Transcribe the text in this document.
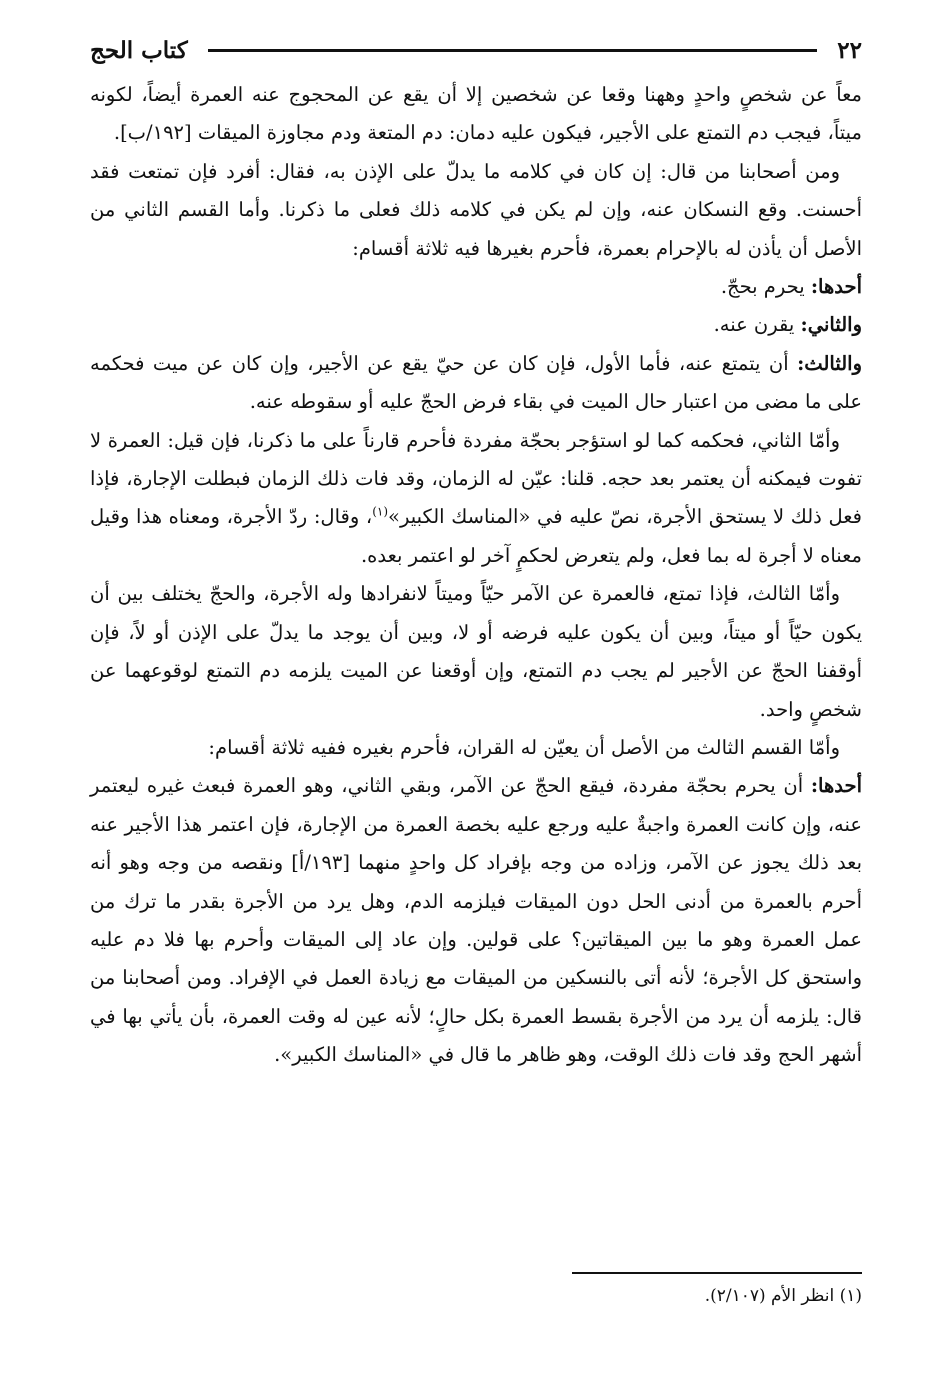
٢٢
كتاب الحج

معاً عن شخصٍ واحدٍ وههنا وقعا عن شخصين إلا أن يقع عن المحجوج عنه العمرة أيضاً، لكونه ميتاً، فيجب دم التمتع على الأجير، فيكون عليه دمان: دم المتعة ودم مجاوزة الميقات [١٩٢/ب].

ومن أصحابنا من قال: إن كان في كلامه ما يدلّ على الإذن به، فقال: أفرد فإن تمتعت فقد أحسنت. وقع النسكان عنه، وإن لم يكن في كلامه ذلك فعلى ما ذكرنا. وأما القسم الثاني من الأصل أن يأذن له بالإحرام بعمرة، فأحرم بغيرها فيه ثلاثة أقسام:

أحدها: يحرم بحجّ.

والثاني: يقرن عنه.

والثالث: أن يتمتع عنه، فأما الأول، فإن كان عن حيّ يقع عن الأجير، وإن كان عن ميت فحكمه على ما مضى من اعتبار حال الميت في بقاء فرض الحجّ عليه أو سقوطه عنه.

وأمّا الثاني، فحكمه كما لو استؤجر بحجّة مفردة فأحرم قارناً على ما ذكرنا، فإن قيل: العمرة لا تفوت فيمكنه أن يعتمر بعد حجه. قلنا: عيّن له الزمان، وقد فات ذلك الزمان فبطلت الإجارة، فإذا فعل ذلك لا يستحق الأجرة، نصّ عليه في «المناسك الكبير»$^{(١)}$، وقال: ردّ الأجرة، ومعناه هذا وقيل معناه لا أجرة له بما فعل، ولم يتعرض لحكمٍ آخر لو اعتمر بعده.

وأمّا الثالث، فإذا تمتع، فالعمرة عن الآمر حيّاً وميتاً لانفرادها وله الأجرة، والحجّ يختلف بين أن يكون حيّاً أو ميتاً، وبين أن يكون عليه فرضه أو لا، وبين أن يوجد ما يدلّ على الإذن أو لاً، فإن أوقفنا الحجّ عن الأجير لم يجب دم التمتع، وإن أوقعنا عن الميت يلزمه دم التمتع لوقوعهما عن شخصٍ واحد.

وأمّا القسم الثالث من الأصل أن يعيّن له القران، فأحرم بغيره ففيه ثلاثة أقسام:

أحدها: أن يحرم بحجّة مفردة، فيقع الحجّ عن الآمر، وبقي الثاني، وهو العمرة فبعث غيره ليعتمر عنه، وإن كانت العمرة واجبةٌ عليه ورجع عليه بخصة العمرة من الإجارة، فإن اعتمر هذا الأجير عنه بعد ذلك يجوز عن الآمر، وزاده من وجه بإفراد كل واحدٍ منهما [١٩٣/أ] ونقصه من وجه وهو أنه أحرم بالعمرة من أدنى الحل دون الميقات فيلزمه الدم، وهل يرد من الأجرة بقدر ما ترك من عمل العمرة وهو ما بين الميقاتين؟ على قولين. وإن عاد إلى الميقات وأحرم بها فلا دم عليه واستحق كل الأجرة؛ لأنه أتى بالنسكين من الميقات مع زيادة العمل في الإفراد. ومن أصحابنا من قال: يلزمه أن يرد من الأجرة بقسط العمرة بكل حالٍ؛ لأنه عين له وقت العمرة، بأن يأتي بها في أشهر الحج وقد فات ذلك الوقت، وهو ظاهر ما قال في «المناسك الكبير».

(١) انظر الأم (٢/١٠٧).
